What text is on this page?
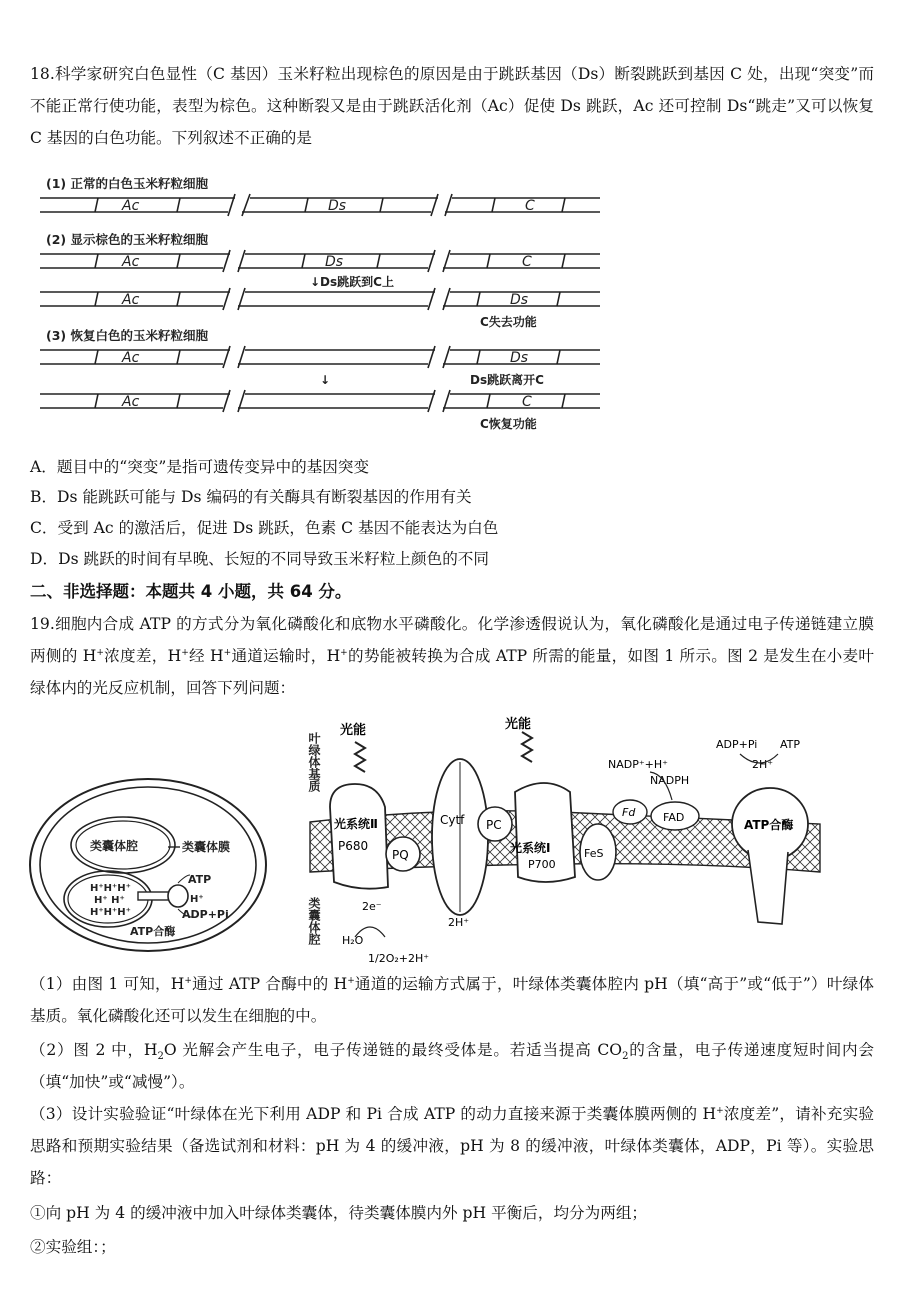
18.科学家研究白色显性（C 基因）玉米籽粒出现棕色的原因是由于跳跃基因（Ds）断裂跳跃到基因 C 处，出现“突变”而不能正常行使功能，表型为棕色。这种断裂又是由于跳跃活化剂（Ac）促使 Ds 跳跃，Ac 还可控制 Ds“跳走”又可以恢复 C 基因的白色功能。下列叙述不正确的是
(1) 正常的白色玉米籽粒细胞
(2) 显示棕色的玉米籽粒细胞
(3) 恢复白色的玉米籽粒细胞
Ac	Ds	C
Ac	Ds	C
Ac	Ds
Ac	Ds
Ac	C
↓Ds跳跃到C上
C失去功能
↓	Ds跳跃离开C
C恢复功能
A．题目中的“突变”是指可遗传变异中的基因突变
B．Ds 能跳跃可能与 Ds 编码的有关酶具有断裂基因的作用有关
C．受到 Ac 的激活后，促进 Ds 跳跃，色素 C 基因不能表达为白色
D．Ds 跳跃的时间有早晚、长短的不同导致玉米籽粒上颜色的不同
二、非选择题：本题共 4 小题，共 64 分。
19.细胞内合成 ATP 的方式分为氧化磷酸化和底物水平磷酸化。化学渗透假说认为，氧化磷酸化是通过电子传递链建立膜两侧的 H+浓度差，H+经 H+通道运输时，H+的势能被转换为合成 ATP 所需的能量，如图 1 所示。图 2 是发生在小麦叶绿体内的光反应机制，回答下列问题：
类囊体腔	类囊体膜
H⁺H⁺H⁺
H⁺ H⁺
H⁺H⁺H⁺
ATP
H⁺
ADP+Pi
ATP合酶
叶绿体基质
类囊体腔
光能	光能
光系统Ⅱ
P680
PQ
Cytf PC
光系统Ⅰ
P700
FeS
Fd	FAD
NADP⁺+H⁺
NADPH
ATP合酶
ADP+Pi ATP
2H⁺
2e⁻
H₂O
1/2O₂+2H⁺
2H⁺
（1）由图 1 可知，H+通过 ATP 合酶中的 H+通道的运输方式属于，叶绿体类囊体腔内 pH（填“高于”或“低于”）叶绿体基质。氧化磷酸化还可以发生在细胞的中。
（2）图 2 中，$H_2O$ 光解会产生电子，电子传递链的最终受体是。若适当提高 $CO_2$的含量，电子传递速度短时间内会（填“加快”或“减慢”）。
（3）设计实验验证“叶绿体在光下利用 ADP 和 Pi 合成 ATP 的动力直接来源于类囊体膜两侧的 H+浓度差”，请补充实验思路和预期实验结果（备选试剂和材料：pH 为 4 的缓冲液，pH 为 8 的缓冲液，叶绿体类囊体，ADP，Pi 等）。实验思路：
①向 pH 为 4 的缓冲液中加入叶绿体类囊体，待类囊体膜内外 pH 平衡后，均分为两组；
②实验组：；
